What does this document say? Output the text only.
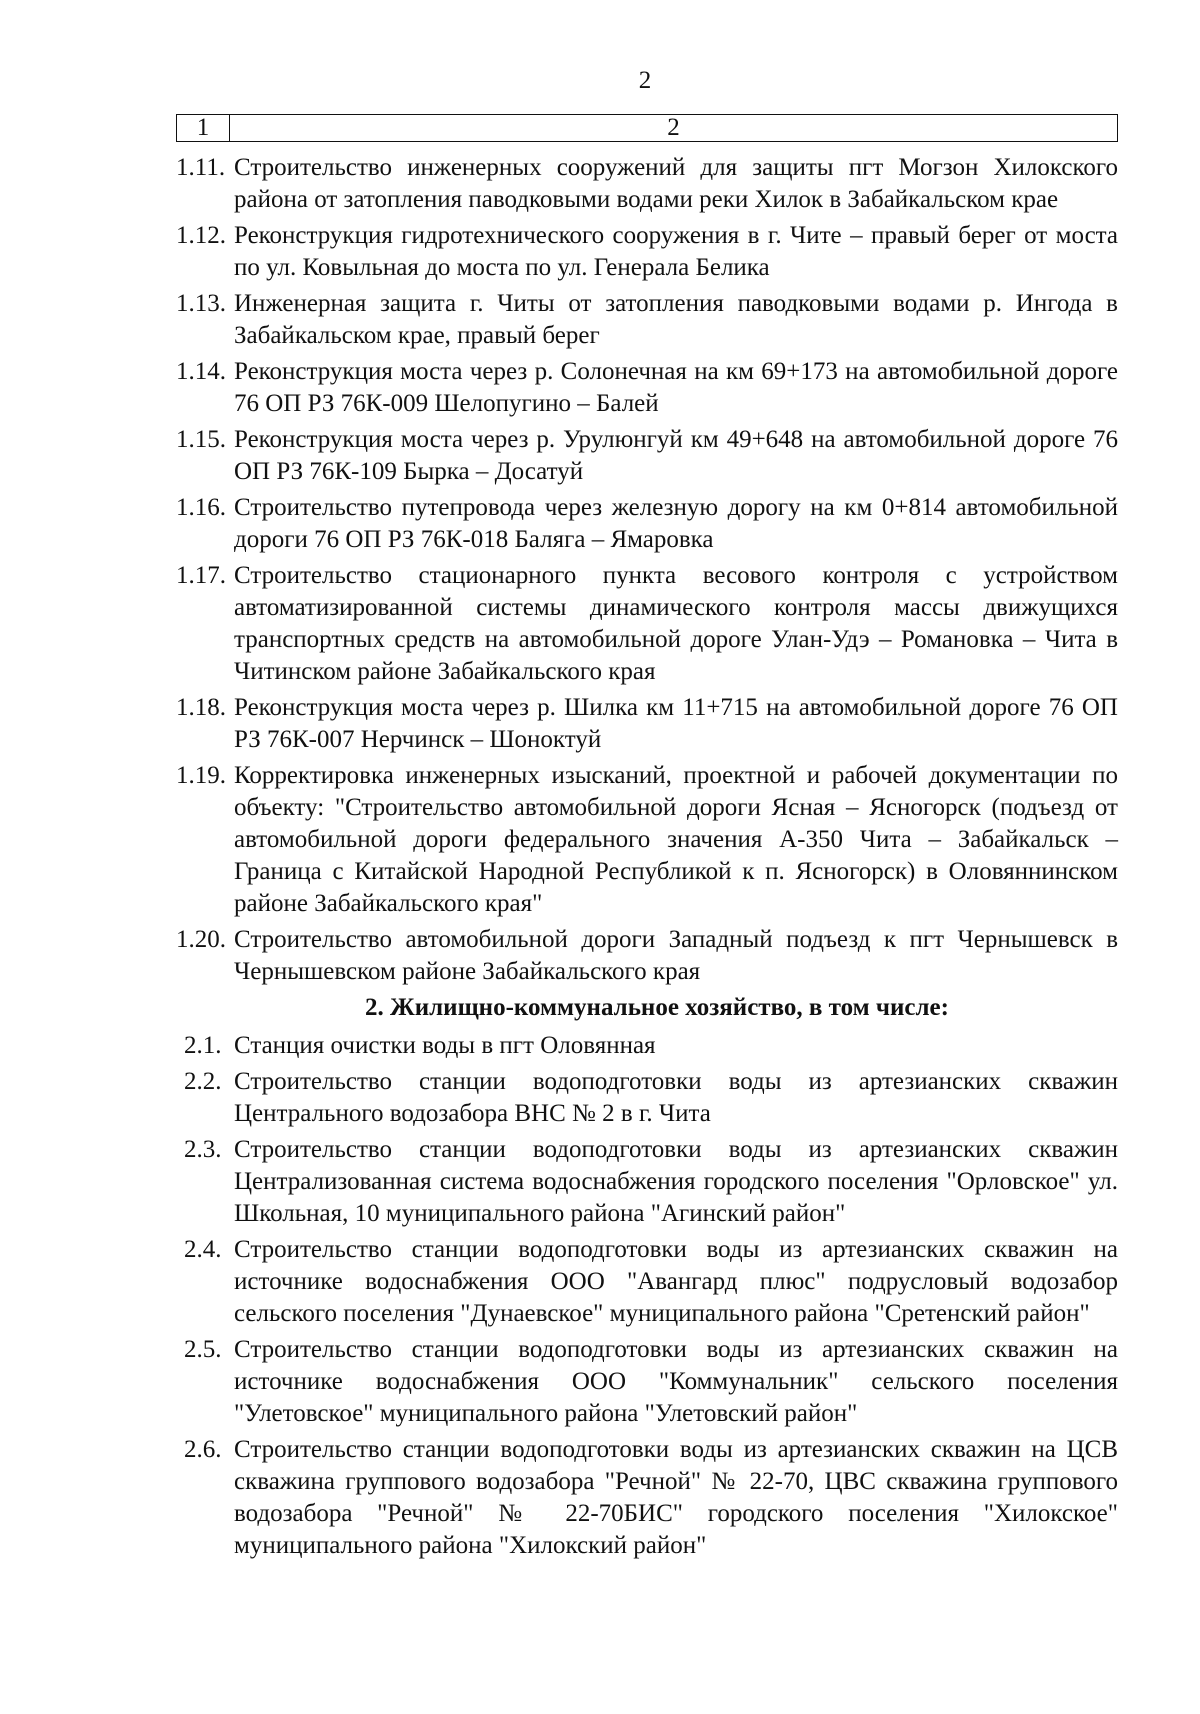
2
1	2
1.11. Строительство инженерных сооружений для защиты пгт Могзон Хилокского района от затопления паводковыми водами реки Хилок в Забайкальском крае
1.12. Реконструкция гидротехнического сооружения в г. Чите – правый берег от моста по ул. Ковыльная до моста по ул. Генерала Белика
1.13. Инженерная защита г. Читы от затопления паводковыми водами р. Ингода в Забайкальском крае, правый берег
1.14. Реконструкция моста через р. Солонечная на км 69+173 на автомобильной дороге 76 ОП РЗ 76К-009 Шелопугино – Балей
1.15. Реконструкция моста через р. Урулюнгуй км 49+648 на автомобильной дороге 76 ОП РЗ 76К-109 Бырка – Досатуй
1.16. Строительство путепровода через железную дорогу на км 0+814 автомобильной дороги 76 ОП РЗ 76К-018 Баляга – Ямаровка
1.17. Строительство стационарного пункта весового контроля с устройством автоматизированной системы динамического контроля массы движущихся транспортных средств на автомобильной дороге Улан-Удэ – Романовка – Чита в Читинском районе Забайкальского края
1.18. Реконструкция моста через р. Шилка км 11+715 на автомобильной дороге 76 ОП РЗ 76К-007 Нерчинск – Шоноктуй
1.19. Корректировка инженерных изысканий, проектной и рабочей документации по объекту: "Строительство автомобильной дороги Ясная – Ясногорск (подъезд от автомобильной дороги федерального значения А-350 Чита – Забайкальск – Граница с Китайской Народной Республикой к п. Ясногорск) в Оловяннинском районе Забайкальского края"
1.20. Строительство автомобильной дороги Западный подъезд к пгт Чернышевск в Чернышевском районе Забайкальского края
2. Жилищно-коммунальное хозяйство, в том числе:
2.1. Станция очистки воды в пгт Оловянная
2.2. Строительство станции водоподготовки воды из артезианских скважин Центрального водозабора ВНС № 2 в г. Чита
2.3. Строительство станции водоподготовки воды из артезианских скважин Централизованная система водоснабжения городского поселения "Орловское" ул. Школьная, 10 муниципального района "Агинский район"
2.4. Строительство станции водоподготовки воды из артезианских скважин на источнике водоснабжения ООО "Авангард плюс" подрусловый водозабор сельского поселения "Дунаевское" муниципального района "Сретенский район"
2.5. Строительство станции водоподготовки воды из артезианских скважин на источнике водоснабжения ООО "Коммунальник" сельского поселения "Улетовское" муниципального района "Улетовский район"
2.6. Строительство станции водоподготовки воды из артезианских скважин на ЦСВ скважина группового водозабора "Речной" № 22-70, ЦВС скважина группового водозабора "Речной" № 22-70БИС" городского поселения "Хилокское" муниципального района "Хилокский район"
